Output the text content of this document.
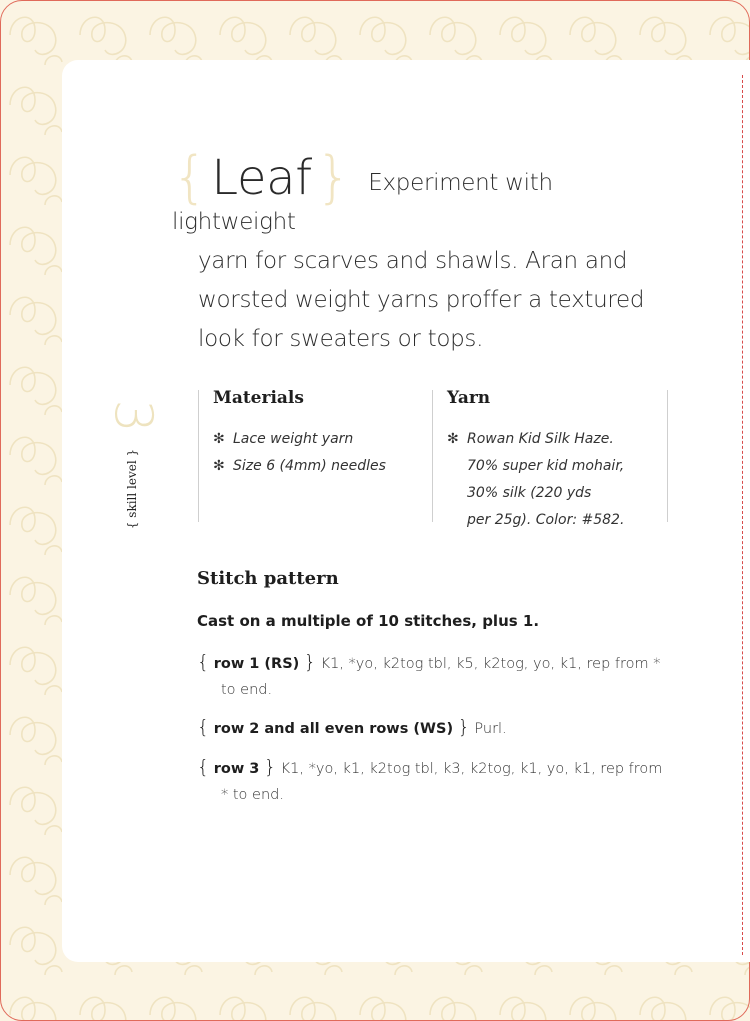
{Leaf} Experiment with lightweight
yarn for scarves and shawls. Aran and worsted weight yarns proffer a textured look for sweaters or tops.
3
{ skill level }
Materials
✻ Lace weight yarn
✻ Size 6 (4mm) needles
Yarn
✻ Rowan Kid Silk Haze.
70% super kid mohair,
30% silk (220 yds
per 25g). Color: #582.
Stitch pattern
Cast on a multiple of 10 stitches, plus 1.
{ row 1 (RS) } K1, *yo, k2tog tbl, k5, k2tog, yo, k1, rep from *
to end.
{ row 2 and all even rows (WS) } Purl.
{ row 3 } K1, *yo, k1, k2tog tbl, k3, k2tog, k1, yo, k1, rep from
* to end.
